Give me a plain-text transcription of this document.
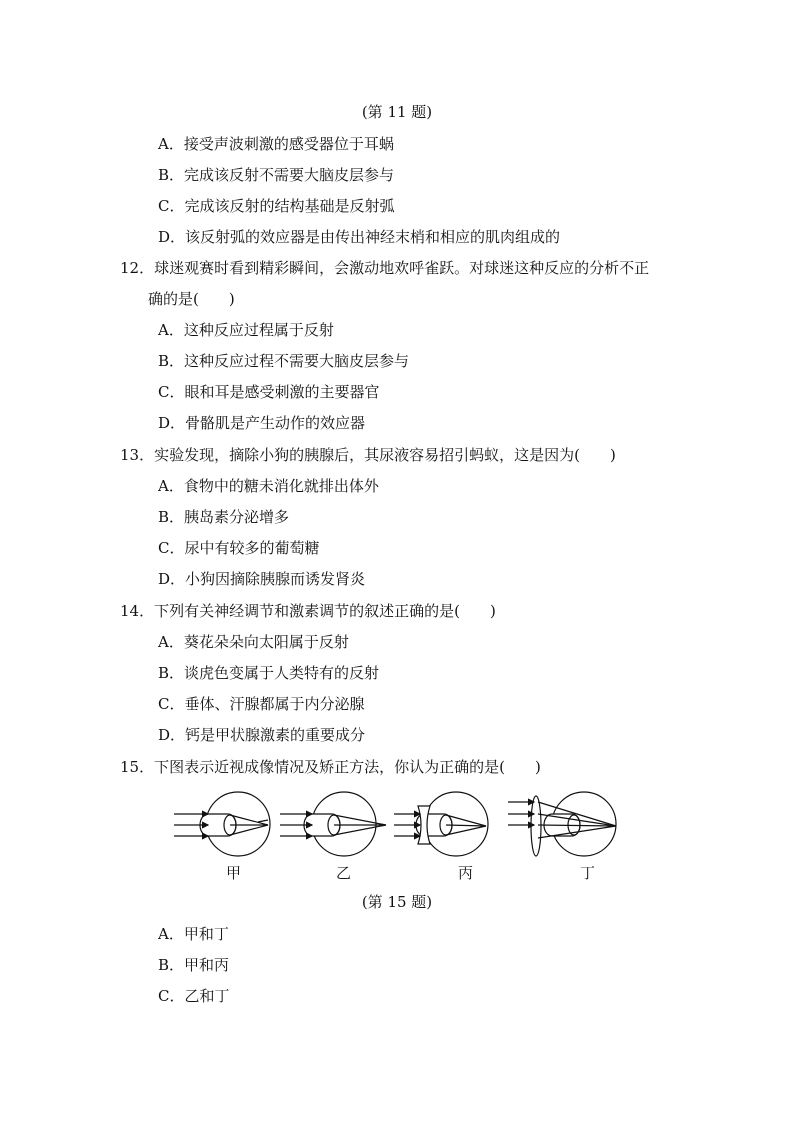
(第 11 题)
A．接受声波刺激的感受器位于耳蜗
B．完成该反射不需要大脑皮层参与
C．完成该反射的结构基础是反射弧
D．该反射弧的效应器是由传出神经末梢和相应的肌肉组成的
12．球迷观赛时看到精彩瞬间，会激动地欢呼雀跃。对球迷这种反应的分析不正
确的是(　　)
A．这种反应过程属于反射
B．这种反应过程不需要大脑皮层参与
C．眼和耳是感受刺激的主要器官
D．骨骼肌是产生动作的效应器
13．实验发现，摘除小狗的胰腺后，其尿液容易招引蚂蚁，这是因为(　　)
A．食物中的糖未消化就排出体外
B．胰岛素分泌增多
C．尿中有较多的葡萄糖
D．小狗因摘除胰腺而诱发肾炎
14．下列有关神经调节和激素调节的叙述正确的是(　　)
A．葵花朵朵向太阳属于反射
B．谈虎色变属于人类特有的反射
C．垂体、汗腺都属于内分泌腺
D．钙是甲状腺激素的重要成分
15．下图表示近视成像情况及矫正方法，你认为正确的是(　　)
甲	乙	丙	丁
(第 15 题)
A．甲和丁
B．甲和丙
C．乙和丁
